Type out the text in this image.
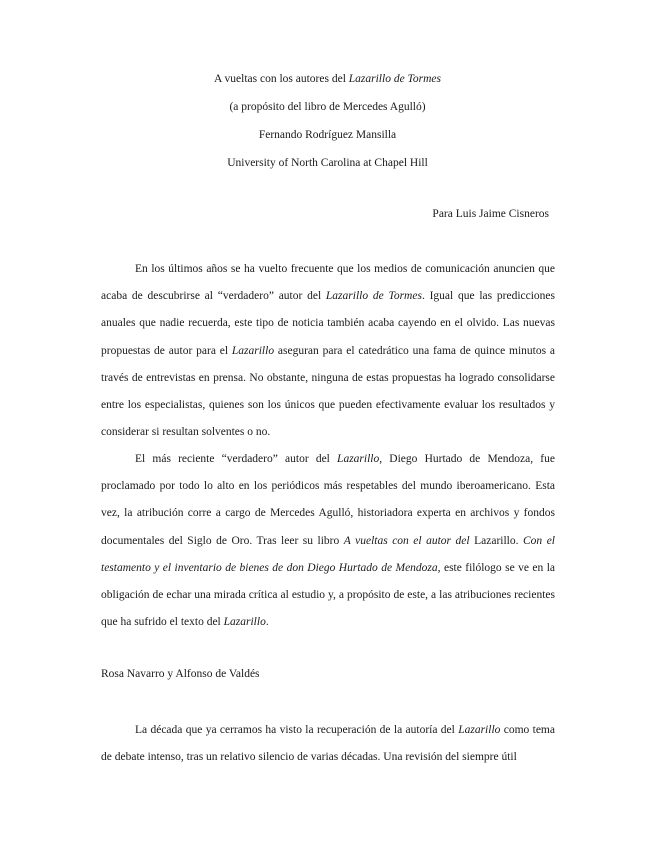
A vueltas con los autores del Lazarillo de Tormes
(a propósito del libro de Mercedes Agulló)
Fernando Rodríguez Mansilla
University of North Carolina at Chapel Hill
Para Luis Jaime Cisneros

En los últimos años se ha vuelto frecuente que los medios de comunicación anuncien que acaba de descubrirse al “verdadero” autor del Lazarillo de Tormes. Igual que las predicciones anuales que nadie recuerda, este tipo de noticia también acaba cayendo en el olvido. Las nuevas propuestas de autor para el Lazarillo aseguran para el catedrático una fama de quince minutos a través de entrevistas en prensa. No obstante, ninguna de estas propuestas ha logrado consolidarse entre los especialistas, quienes son los únicos que pueden efectivamente evaluar los resultados y considerar si resultan solventes o no.

El más reciente “verdadero” autor del Lazarillo, Diego Hurtado de Mendoza, fue proclamado por todo lo alto en los periódicos más respetables del mundo iberoamericano. Esta vez, la atribución corre a cargo de Mercedes Agulló, historiadora experta en archivos y fondos documentales del Siglo de Oro. Tras leer su libro A vueltas con el autor del Lazarillo. Con el testamento y el inventario de bienes de don Diego Hurtado de Mendoza, este filólogo se ve en la obligación de echar una mirada crítica al estudio y, a propósito de este, a las atribuciones recientes que ha sufrido el texto del Lazarillo.

Rosa Navarro y Alfonso de Valdés

La década que ya cerramos ha visto la recuperación de la autoría del Lazarillo como tema de debate intenso, tras un relativo silencio de varias décadas. Una revisión del siempre útil
